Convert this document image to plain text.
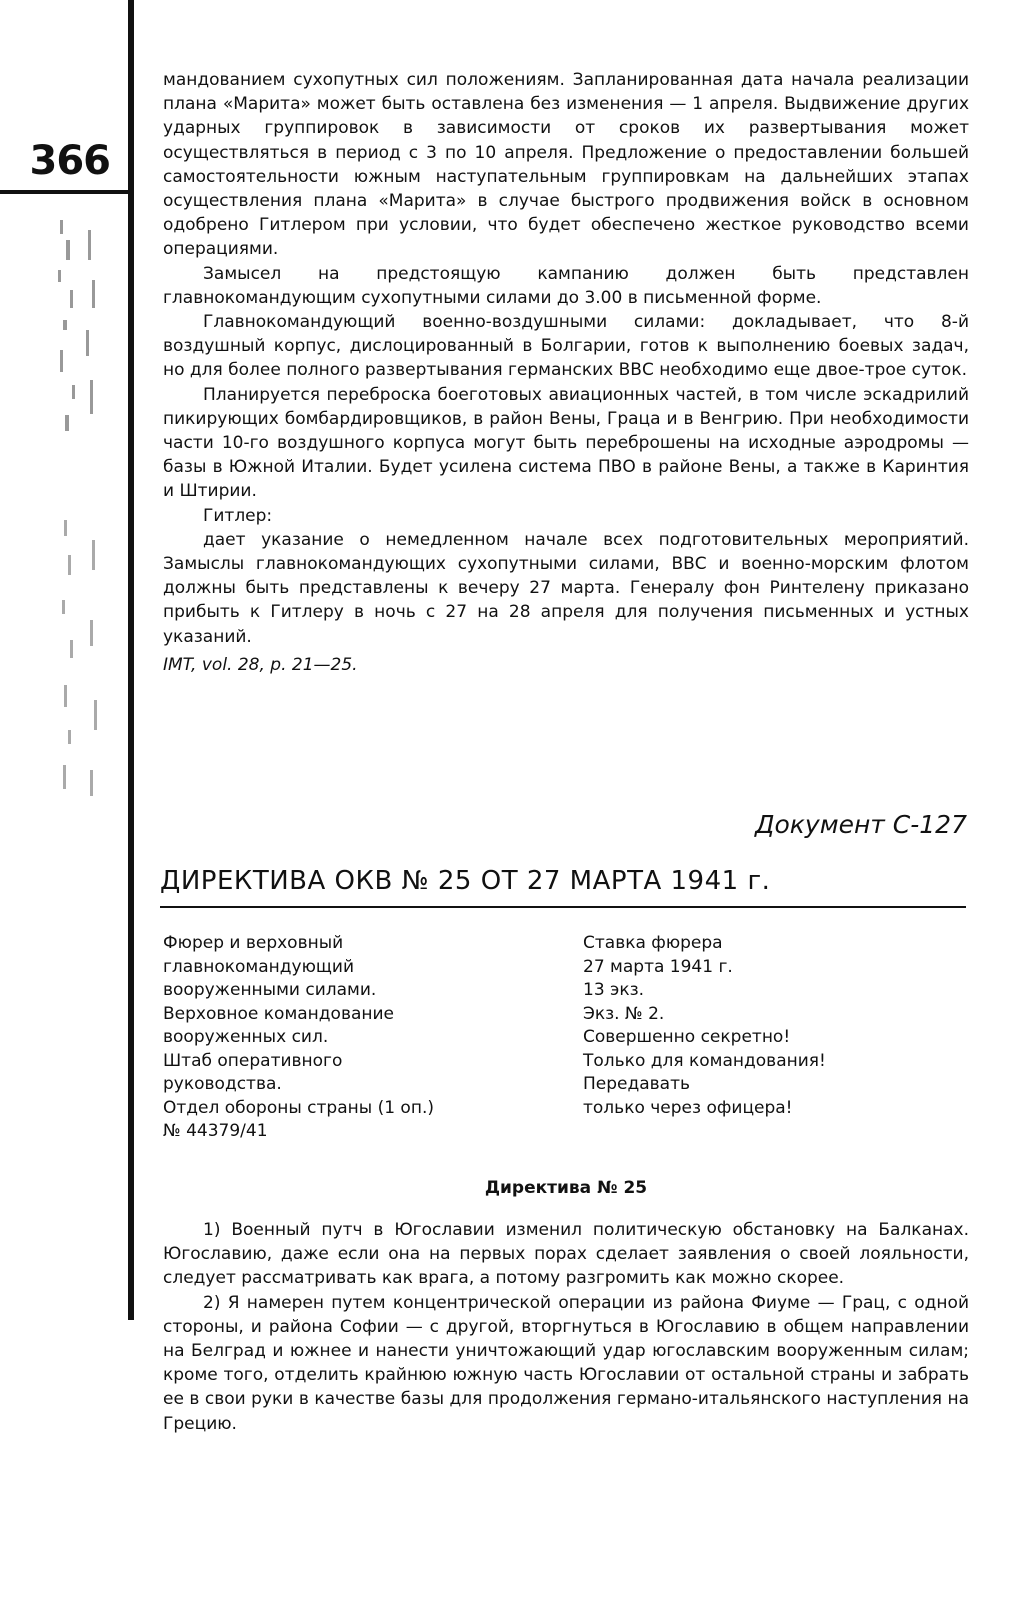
366

мандованием сухопутных сил положениям. Запланированная дата начала реализации плана «Марита» может быть оставлена без изменения — 1 апреля. Выдвижение других ударных группировок в зависимости от сроков их развертывания может осуществляться в период с 3 по 10 апреля. Предложение о предоставлении большей самостоятельности южным наступательным группировкам на дальнейших этапах осуществления плана «Марита» в случае быстрого продвижения войск в основном одобрено Гитлером при условии, что будет обеспечено жесткое руководство всеми операциями.

Замысел на предстоящую кампанию должен быть представлен главнокомандующим сухопутными силами до 3.00 в письменной форме.

Главнокомандующий военно-воздушными силами: докладывает, что 8-й воздушный корпус, дислоцированный в Болгарии, готов к выполнению боевых задач, но для более полного развертывания германских ВВС необходимо еще двое-трое суток.

Планируется переброска боеготовых авиационных частей, в том числе эскадрилий пикирующих бомбардировщиков, в район Вены, Граца и в Венгрию. При необходимости части 10-го воздушного корпуса могут быть переброшены на исходные аэродромы — базы в Южной Италии. Будет усилена система ПВО в районе Вены, а также в Каринтия и Штирии.

Гитлер:

дает указание о немедленном начале всех подготовительных мероприятий. Замыслы главнокомандующих сухопутными силами, ВВС и военно-морским флотом должны быть представлены к вечеру 27 марта. Генералу фон Ринтелену приказано прибыть к Гитлеру в ночь с 27 на 28 апреля для получения письменных и устных указаний.

IMT, vol. 28, p. 21—25.

Документ С-127
ДИРЕКТИВА ОКВ № 25 ОТ 27 МАРТА 1941 г.
Фюрер и верховный
главнокомандующий
вооруженными силами.
Верховное командование
вооруженных сил.
Штаб оперативного
руководства.
Отдел обороны страны (1 оп.)
№ 44379/41
Ставка фюрера
27 марта 1941 г.
13 экз.
Экз. № 2.
Совершенно секретно!
Только для командования!
Передавать
только через офицера!
Директива № 25

1) Военный путч в Югославии изменил политическую обстановку на Балканах. Югославию, даже если она на первых порах сделает заявления о своей лояльности, следует рассматривать как врага, а потому разгромить как можно скорее.

2) Я намерен путем концентрической операции из района Фиуме — Грац, с одной стороны, и района Софии — с другой, вторгнуться в Югославию в общем направлении на Белград и южнее и нанести уничтожающий удар югославским вооруженным силам; кроме того, отделить крайнюю южную часть Югославии от остальной страны и забрать ее в свои руки в качестве базы для продолжения германо-итальянского наступления на Грецию.
